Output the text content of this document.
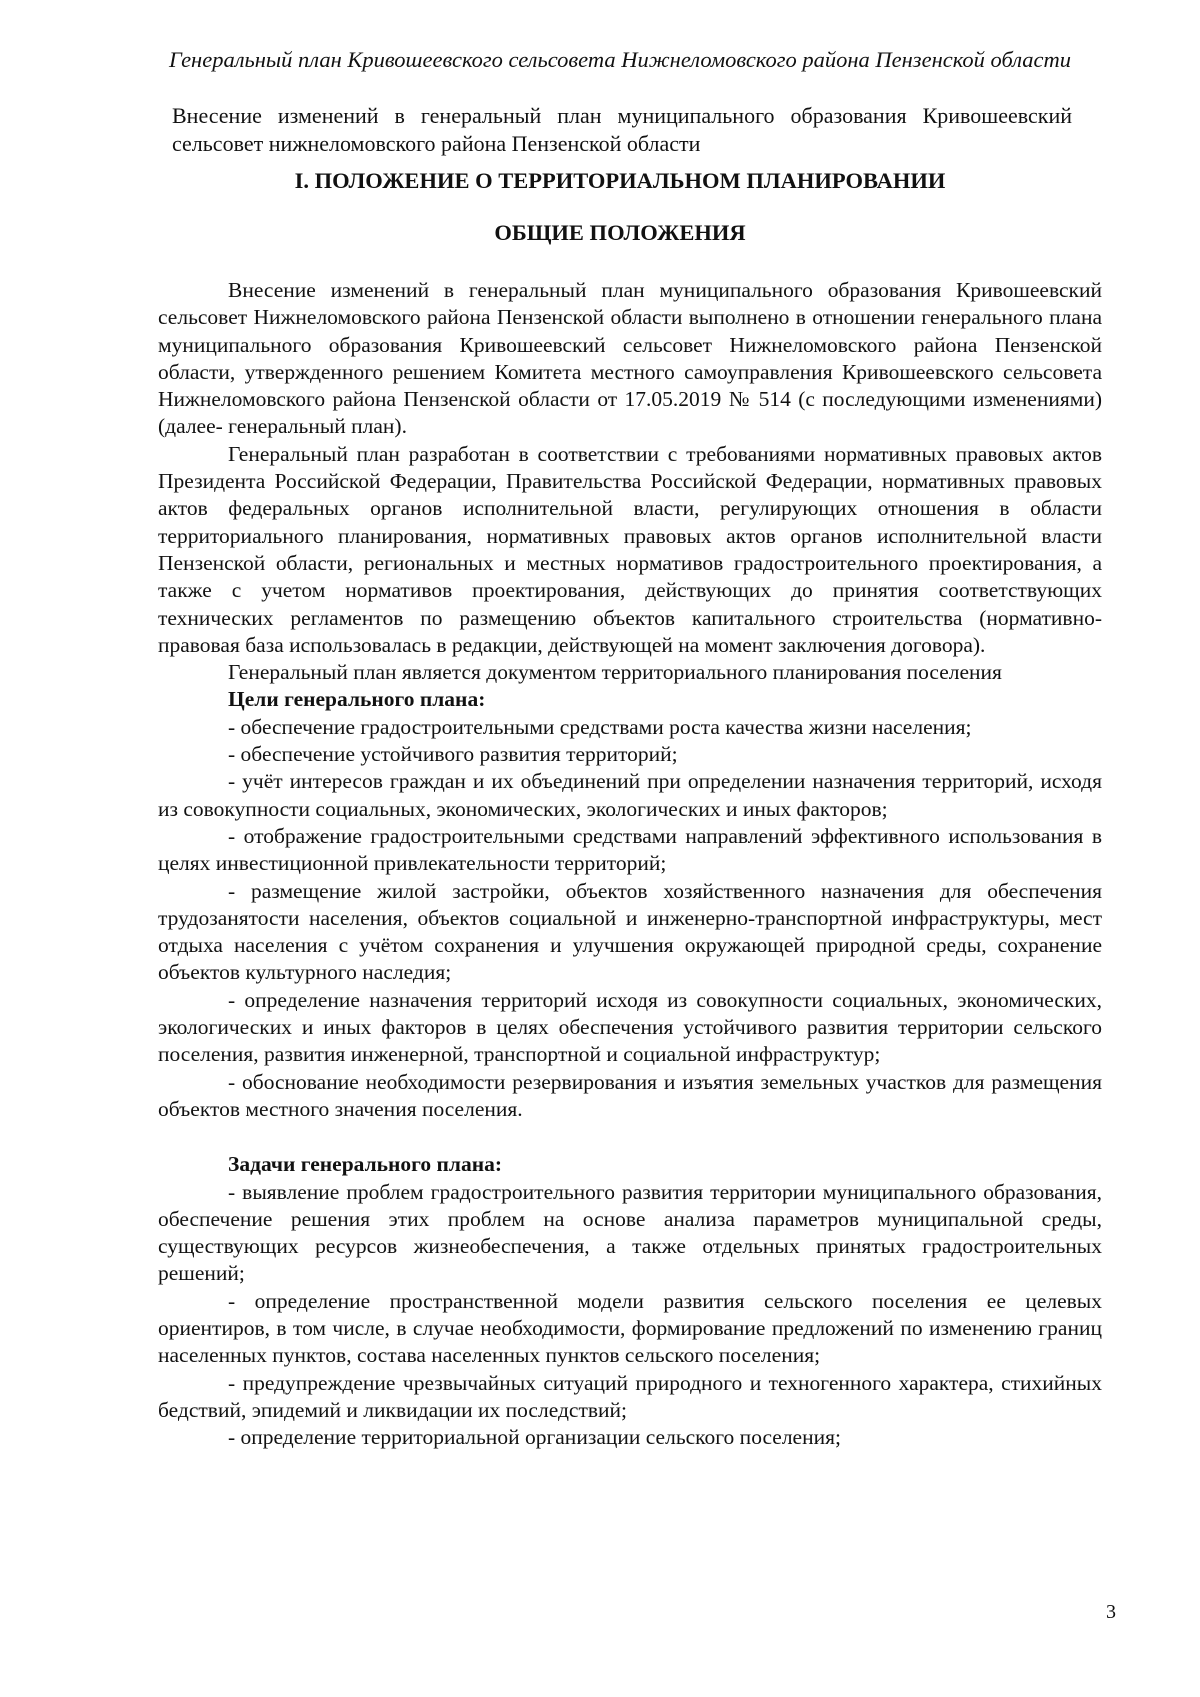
Генеральный план Кривошеевского сельсовета Нижнеломовского района Пензенской области
Внесение изменений в генеральный план муниципального образования Кривошеевский сельсовет нижнеломовского района Пензенской области
I. ПОЛОЖЕНИЕ О ТЕРРИТОРИАЛЬНОМ ПЛАНИРОВАНИИ
ОБЩИЕ ПОЛОЖЕНИЯ

Внесение изменений в генеральный план муниципального образования Кривошеевский сельсовет Нижнеломовского района Пензенской области выполнено в отношении генерального плана муниципального образования Кривошеевский сельсовет Нижнеломовского района Пензенской области, утвержденного решением Комитета местного самоуправления Кривошеевского сельсовета Нижнеломовского района Пензенской области от 17.05.2019 № 514 (с последующими изменениями) (далее- генеральный план).

Генеральный план разработан в соответствии с требованиями нормативных правовых актов Президента Российской Федерации, Правительства Российской Федерации, нормативных правовых актов федеральных органов исполнительной власти, регулирующих отношения в области территориального планирования, нормативных правовых актов органов исполнительной власти Пензенской области, региональных и местных нормативов градостроительного проектирования, а также с учетом нормативов проектирования, действующих до принятия соответствующих технических регламентов по размещению объектов капитального строительства (нормативно-правовая база использовалась в редакции, действующей на момент заключения договора).

Генеральный план является документом территориального планирования поселения

Цели генерального плана:

- обеспечение градостроительными средствами роста качества жизни населения;

- обеспечение устойчивого развития территорий;

- учёт интересов граждан и их объединений при определении назначения территорий, исходя из совокупности социальных, экономических, экологических и иных факторов;

- отображение градостроительными средствами направлений эффективного использования в целях инвестиционной привлекательности территорий;

- размещение жилой застройки, объектов хозяйственного назначения для обеспечения трудозанятости населения, объектов социальной и инженерно-транспортной инфраструктуры, мест отдыха населения с учётом сохранения и улучшения окружающей природной среды, сохранение объектов культурного наследия;

- определение назначения территорий исходя из совокупности социальных, экономических, экологических и иных факторов в целях обеспечения устойчивого развития территории сельского поселения, развития инженерной, транспортной и социальной инфраструктур;

- обоснование необходимости резервирования и изъятия земельных участков для размещения объектов местного значения поселения.

Задачи генерального плана:

- выявление проблем градостроительного развития территории муниципального образования, обеспечение решения этих проблем на основе анализа параметров муниципальной среды, существующих ресурсов жизнеобеспечения, а также отдельных принятых градостроительных решений;

- определение пространственной модели развития сельского поселения ее целевых ориентиров, в том числе, в случае необходимости, формирование предложений по изменению границ населенных пунктов, состава населенных пунктов сельского поселения;

- предупреждение чрезвычайных ситуаций природного и техногенного характера, стихийных бедствий, эпидемий и ликвидации их последствий;

- определение территориальной организации сельского поселения;

3
